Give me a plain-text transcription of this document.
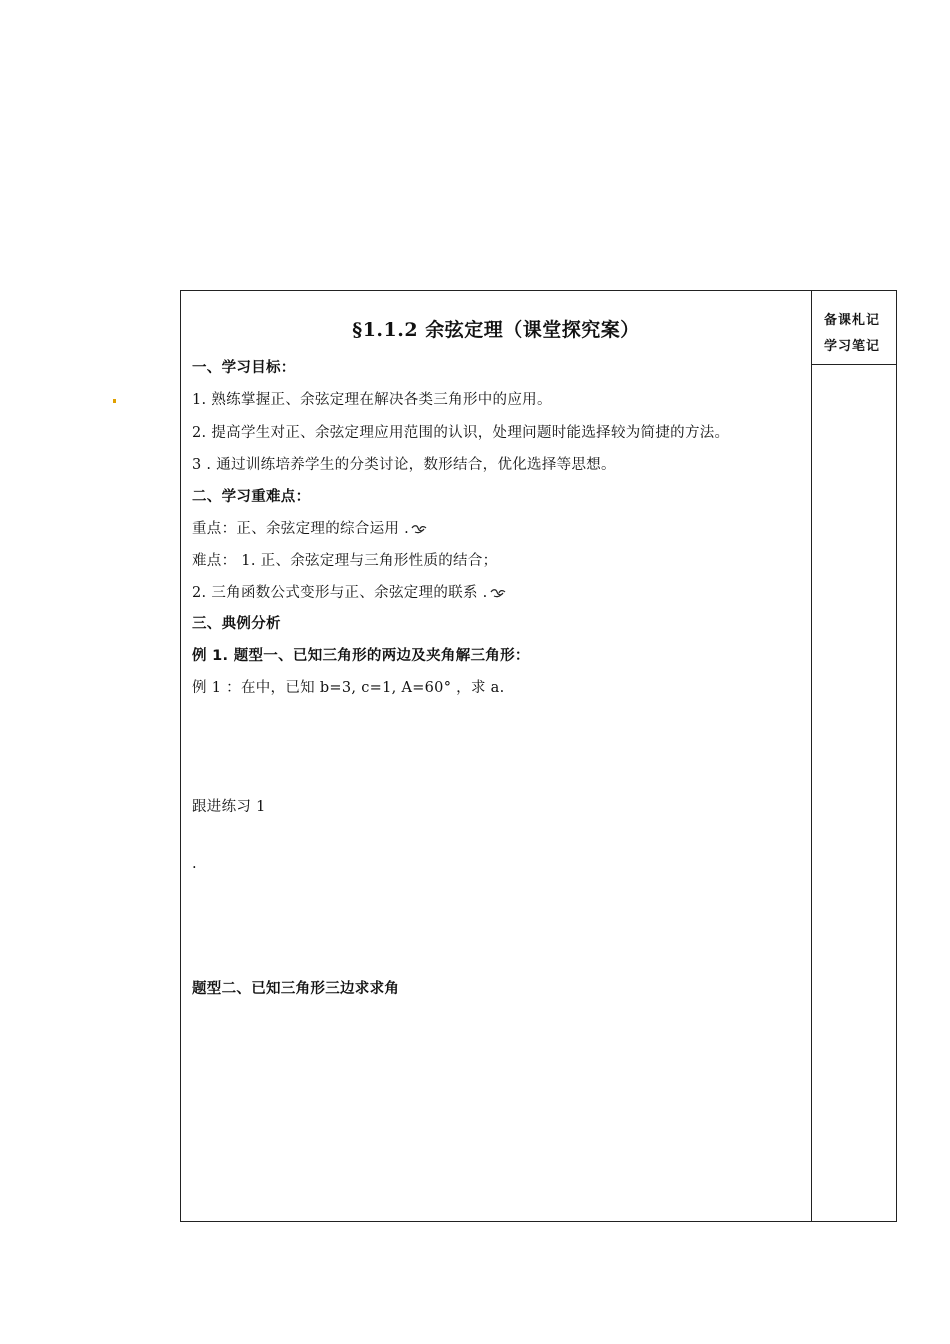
备课札记
学习笔记
§1.1.2 余弦定理（课堂探究案）
一、学习目标：
1. 熟练掌握正、余弦定理在解决各类三角形中的应用。
2. 提高学生对正、余弦定理应用范围的认识，处理问题时能选择较为简捷的方法。
3 . 通过训练培养学生的分类讨论，数形结合，优化选择等思想。
二、学习重难点：
重点：正、余弦定理的综合运用 .
难点： 1. 正、余弦定理与三角形性质的结合；
2. 三角函数公式变形与正、余弦定理的联系 .
三、典例分析
例 1. 题型一、已知三角形的两边及夹角解三角形：
例 1 ：在中，已知 b=3, c=1, A=60° ，求 a.
跟进练习 1
.
题型二、已知三角形三边求求角
